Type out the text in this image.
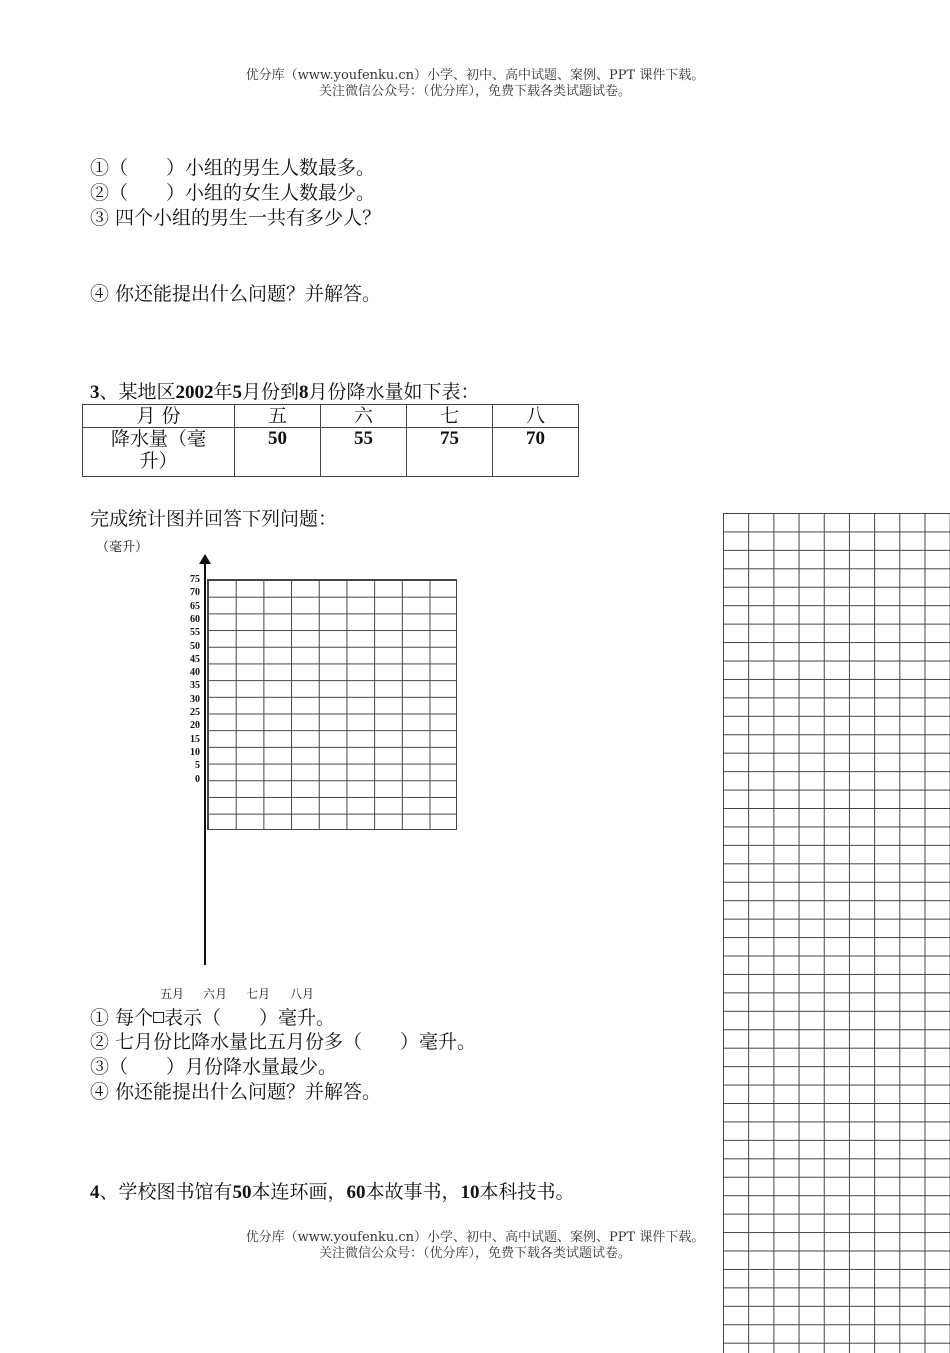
优分库（www.youfenku.cn）小学、初中、高中试题、案例、PPT 课件下载。
关注微信公众号：（优分库），免费下载各类试题试卷。
①（　　）小组的男生人数最多。
②（　　）小组的女生人数最少。
③ 四个小组的男生一共有多少人？
④ 你还能提出什么问题？并解答。
3、某地区2002年5月份到8月份降水量如下表：
月 份	五	六	七	八
降水量（毫升）	50	55	75	70
完成统计图并回答下列问题：
（毫升）
75
70
65
60
55
50
45
40
35
30
25
20
15
10
5
0
五月 六月 七月 八月
① 每个 表示（　　）毫升。
② 七月份比降水量比五月份多（　　）毫升。
③（　　）月份降水量最少。
④ 你还能提出什么问题？并解答。
4、学校图书馆有50本连环画，60本故事书，10本科技书。
优分库（www.youfenku.cn）小学、初中、高中试题、案例、PPT 课件下载。
关注微信公众号：（优分库），免费下载各类试题试卷。
